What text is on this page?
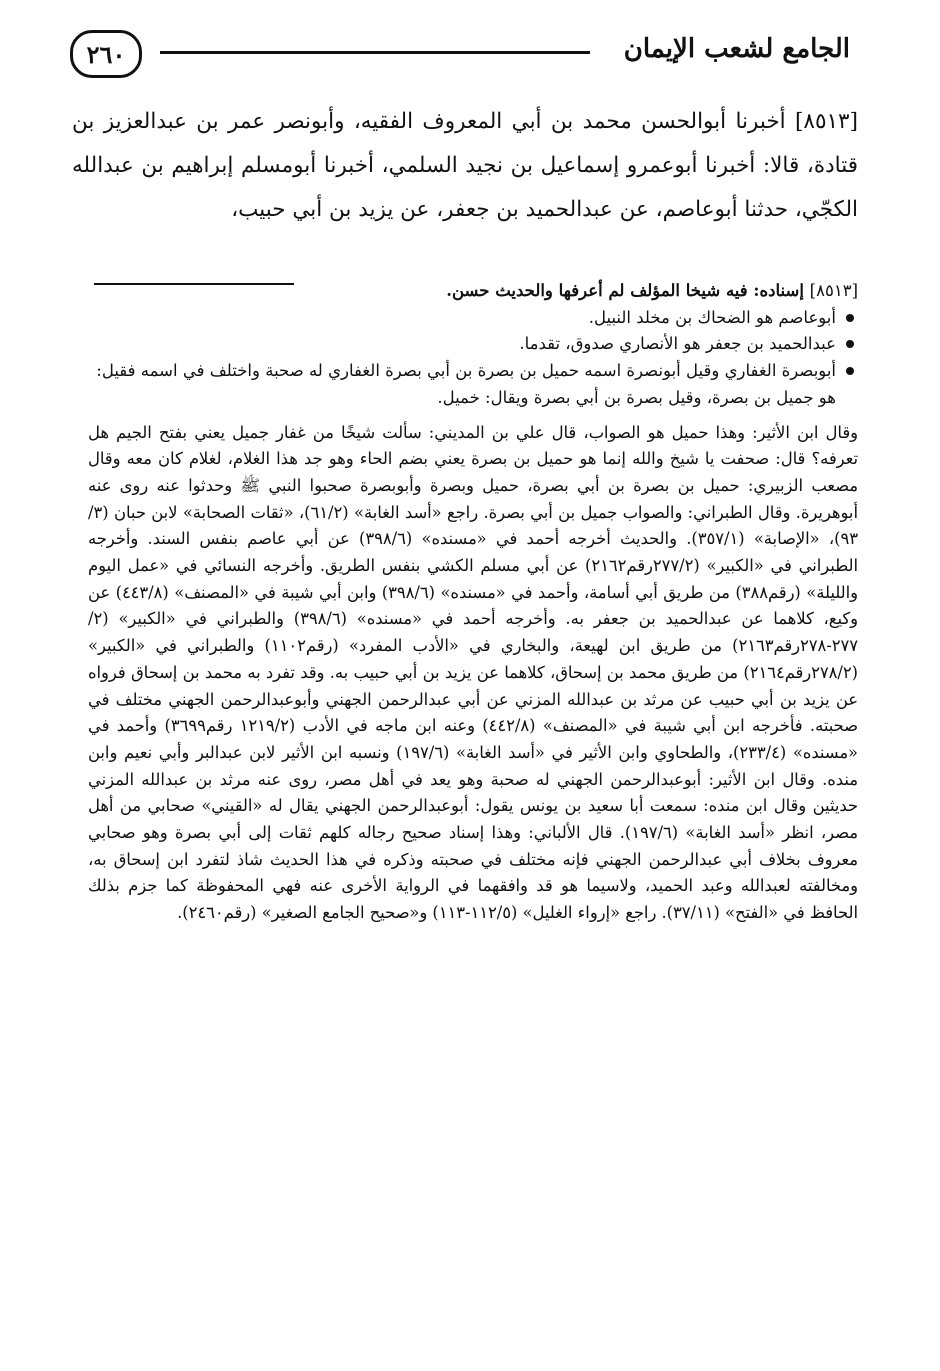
الجامع لشعب الإيمان
٢٦٠
[٨٥١٣] أخبرنا أبوالحسن محمد بن أبي المعروف الفقيه، وأبونصر عمر بن عبدالعزيز بن قتادة، قالا: أخبرنا أبوعمرو إسماعيل بن نجيد السلمي، أخبرنا أبومسلم إبراهيم بن عبدالله الكجّي، حدثنا أبوعاصم، عن عبدالحميد بن جعفر، عن يزيد بن أبي حبيب،

[٨٥١٣] إسناده: فيه شيخا المؤلف لم أعرفها والحديث حسن.

أبوعاصم هو الضحاك بن مخلد النبيل.
عبدالحميد بن جعفر هو الأنصاري صدوق، تقدما.
أبوبصرة الغفاري وقيل أبونصرة اسمه حميل بن بصرة بن أبي بصرة الغفاري له صحبة واختلف في اسمه فقيل: هو جميل بن بصرة، وقيل بصرة بن أبي بصرة ويقال: خميل.

وقال ابن الأثير: وهذا حميل هو الصواب، قال علي بن المديني: سألت شيخًا من غفار جميل يعني بفتح الجيم هل تعرفه؟ قال: صحفت يا شيخ والله إنما هو حميل بن بصرة يعني بضم الحاء وهو جد هذا الغلام، لغلام كان معه وقال مصعب الزبيري: حميل بن بصرة بن أبي بصرة، حميل وبصرة وأبوبصرة صحبوا النبي ﷺ وحدثوا عنه روى عنه أبوهريرة. وقال الطبراني: والصواب جميل بن أبي بصرة. راجع «أسد الغابة» (٦١/٢)، «ثقات الصحابة» لابن حبان (٣/ ٩٣)، «الإصابة» (٣٥٧/١). والحديث أخرجه أحمد في «مسنده» (٣٩٨/٦) عن أبي عاصم بنفس السند. وأخرجه الطبراني في «الكبير» (٢٧٧/٢رقم٢١٦٢) عن أبي مسلم الكشي بنفس الطريق. وأخرجه النسائي في «عمل اليوم والليلة» (رقم٣٨٨) من طريق أبي أسامة، وأحمد في «مسنده» (٣٩٨/٦) وابن أبي شيبة في «المصنف» (٤٤٣/٨) عن وكيع، كلاهما عن عبدالحميد بن جعفر به. وأخرجه أحمد في «مسنده» (٣٩٨/٦) والطبراني في «الكبير» (٢/ ٢٧٧-٢٧٨رقم٢١٦٣) من طريق ابن لهيعة، والبخاري في «الأدب المفرد» (رقم١١٠٢) والطبراني في «الكبير» (٢٧٨/٢رقم٢١٦٤) من طريق محمد بن إسحاق، كلاهما عن يزيد بن أبي حبيب به. وقد تفرد به محمد بن إسحاق فرواه عن يزيد بن أبي حبيب عن مرثد بن عبدالله المزني عن أبي عبدالرحمن الجهني وأبوعبدالرحمن الجهني مختلف في صحبته. فأخرجه ابن أبي شيبة في «المصنف» (٤٤٢/٨) وعنه ابن ماجه في الأدب (١٢١٩/٢ رقم٣٦٩٩) وأحمد في «مسنده» (٢٣٣/٤)، والطحاوي وابن الأثير في «أسد الغابة» (١٩٧/٦) ونسبه ابن الأثير لابن عبدالبر وأبي نعيم وابن منده. وقال ابن الأثير: أبوعبدالرحمن الجهني له صحبة وهو يعد في أهل مصر، روى عنه مرثد بن عبدالله المزني حديثين وقال ابن منده: سمعت أبا سعيد بن يونس يقول: أبوعبدالرحمن الجهني يقال له «القيني» صحابي من أهل مصر، انظر «أسد الغابة» (١٩٧/٦). قال الألباني: وهذا إسناد صحيح رجاله كلهم ثقات إلى أبي بصرة وهو صحابي معروف بخلاف أبي عبدالرحمن الجهني فإنه مختلف في صحبته وذكره في هذا الحديث شاذ لتفرد ابن إسحاق به، ومخالفته لعبدالله وعبد الحميد، ولاسيما هو قد وافقهما في الرواية الأخرى عنه فهي المحفوظة كما جزم بذلك الحافظ في «الفتح» (٣٧/١١). راجع «إرواء الغليل» (١١٢/٥-١١٣) و«صحيح الجامع الصغير» (رقم٢٤٦٠).
